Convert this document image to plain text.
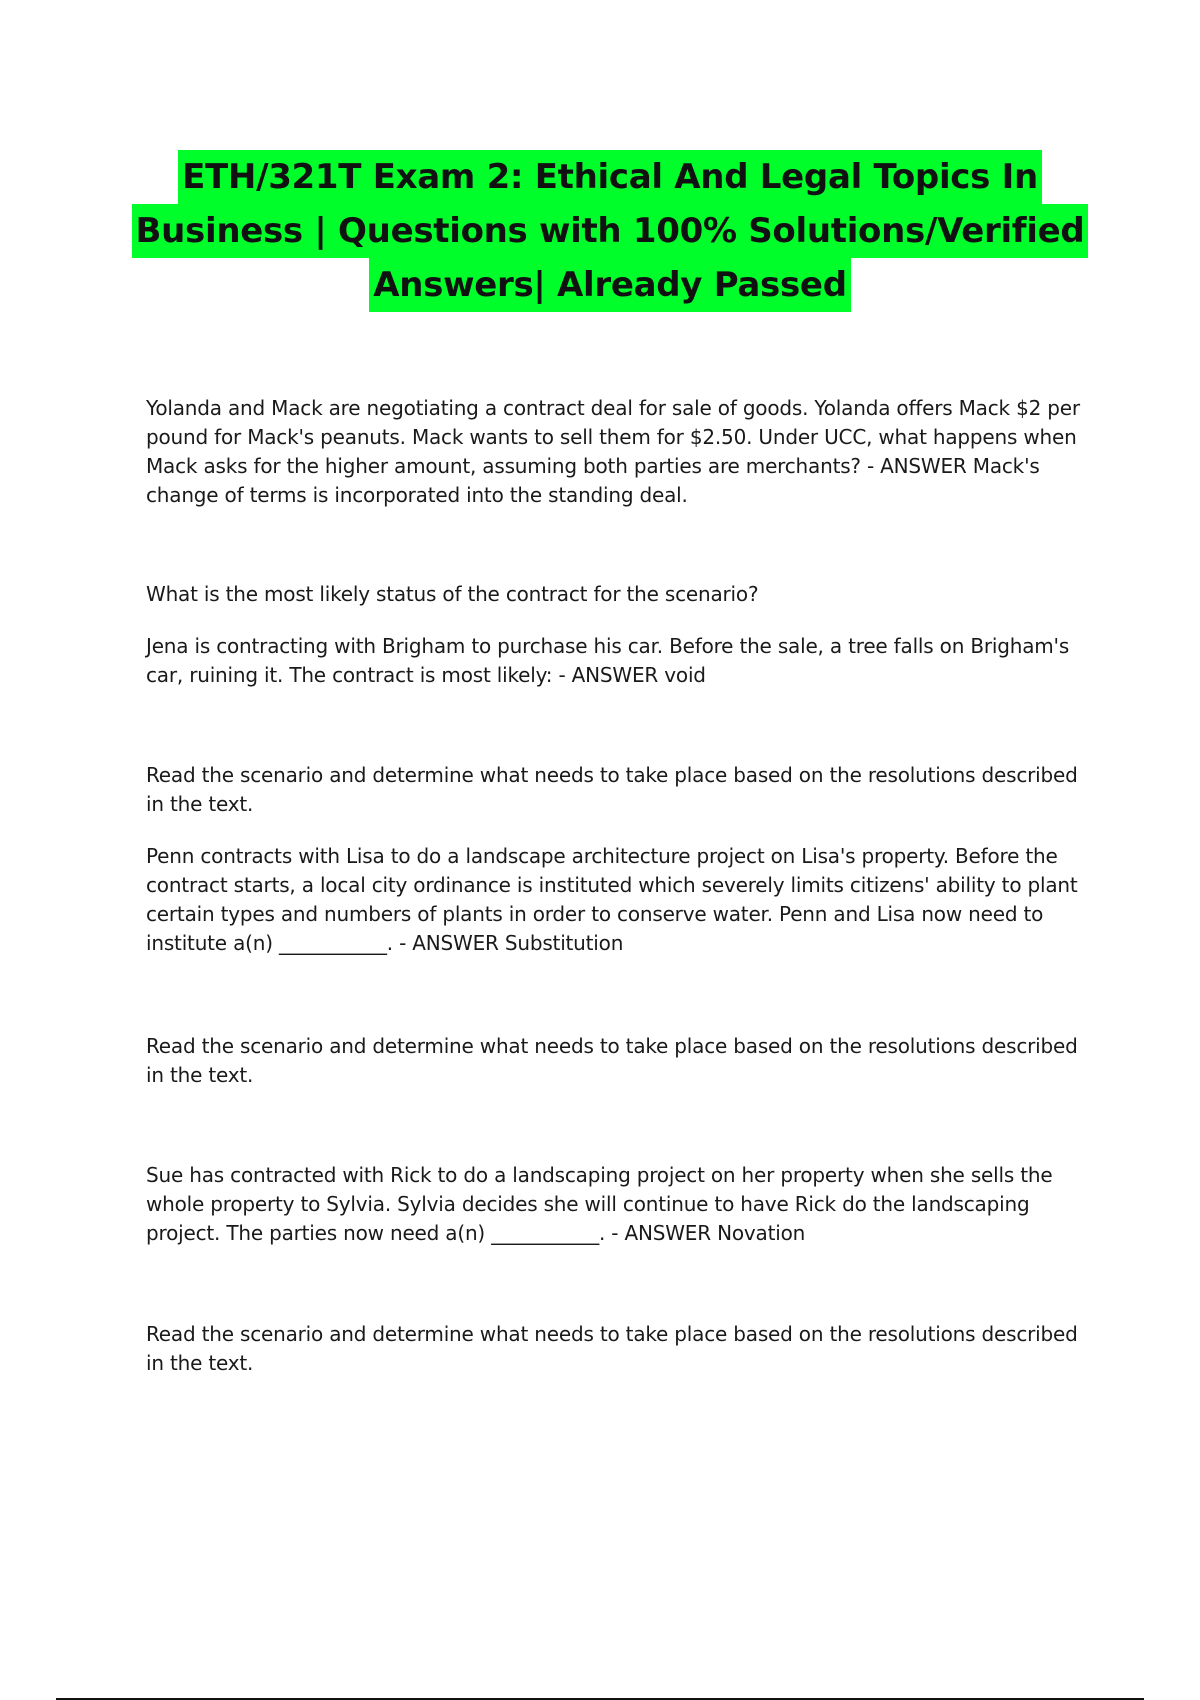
ETH/321T Exam 2: Ethical And Legal Topics In
Business | Questions with 100% Solutions/Verified
Answers| Already Passed

Yolanda and Mack are negotiating a contract deal for sale of goods. Yolanda offers Mack $2 per pound for Mack's peanuts. Mack wants to sell them for $2.50. Under UCC, what happens when Mack asks for the higher amount, assuming both parties are merchants? - ANSWER Mack's change of terms is incorporated into the standing deal.

What is the most likely status of the contract for the scenario?

Jena is contracting with Brigham to purchase his car. Before the sale, a tree falls on Brigham's car, ruining it. The contract is most likely: - ANSWER void

Read the scenario and determine what needs to take place based on the resolutions described in the text.

Penn contracts with Lisa to do a landscape architecture project on Lisa's property. Before the contract starts, a local city ordinance is instituted which severely limits citizens' ability to plant certain types and numbers of plants in order to conserve water. Penn and Lisa now need to institute a(n) ___________. - ANSWER Substitution

Read the scenario and determine what needs to take place based on the resolutions described in the text.

Sue has contracted with Rick to do a landscaping project on her property when she sells the whole property to Sylvia. Sylvia decides she will continue to have Rick do the landscaping project. The parties now need a(n) ___________. - ANSWER Novation

Read the scenario and determine what needs to take place based on the resolutions described in the text.
